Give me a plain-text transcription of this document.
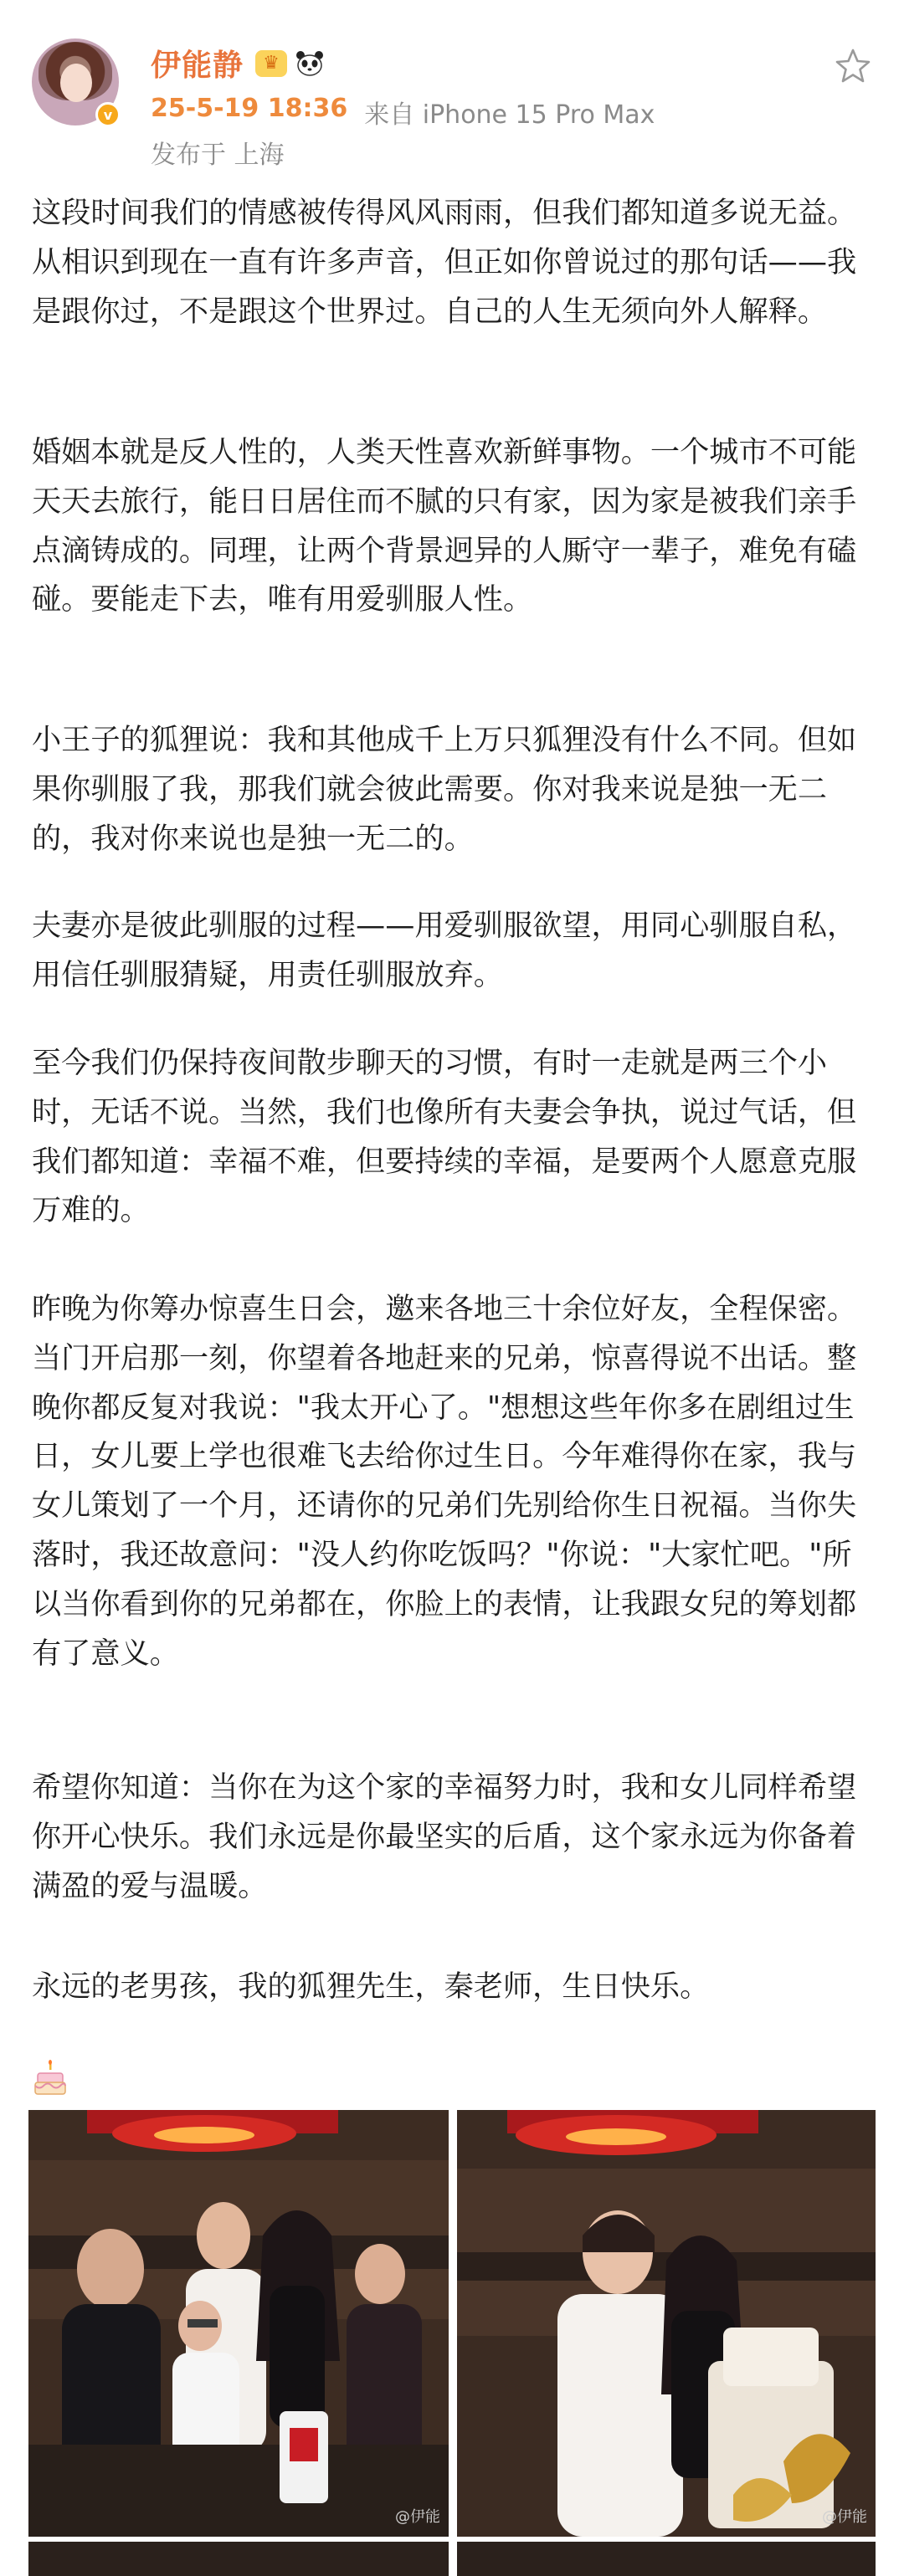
v
伊能静	♛
25-5-19 18:36 来自 iPhone 15 Pro Max
发布于 上海
这段时间我们的情感被传得风风雨雨，但我们都知道多说无益。从相识到现在一直有许多声音，但正如你曾说过的那句话——我是跟你过，不是跟这个世界过。自己的人生无须向外人解释。
婚姻本就是反人性的，人类天性喜欢新鲜事物。一个城市不可能天天去旅行，能日日居住而不腻的只有家，因为家是被我们亲手点滴铸成的。同理，让两个背景迥异的人厮守一辈子，难免有磕碰。要能走下去，唯有用爱驯服人性。
小王子的狐狸说：我和其他成千上万只狐狸没有什么不同。但如果你驯服了我，那我们就会彼此需要。你对我来说是独一无二的，我对你来说也是独一无二的。
夫妻亦是彼此驯服的过程——用爱驯服欲望，用同心驯服自私，用信任驯服猜疑，用责任驯服放弃。
至今我们仍保持夜间散步聊天的习惯，有时一走就是两三个小时，无话不说。当然，我们也像所有夫妻会争执，说过气话，但我们都知道：幸福不难，但要持续的幸福，是要两个人愿意克服万难的。
昨晚为你筹办惊喜生日会，邀来各地三十余位好友，全程保密。当门开启那一刻，你望着各地赶来的兄弟，惊喜得说不出话。整晚你都反复对我说："我太开心了。"想想这些年你多在剧组过生日，女儿要上学也很难飞去给你过生日。今年难得你在家，我与女儿策划了一个月，还请你的兄弟们先别给你生日祝福。当你失落时，我还故意问："没人约你吃饭吗？"你说："大家忙吧。"所以当你看到你的兄弟都在，你脸上的表情，让我跟女兒的筹划都有了意义。
希望你知道：当你在为这个家的幸福努力时，我和女儿同样希望你开心快乐。我们永远是你最坚实的后盾，这个家永远为你备着满盈的爱与温暖。
永远的老男孩，我的狐狸先生，秦老师，生日快乐。
@伊能	@伊能
